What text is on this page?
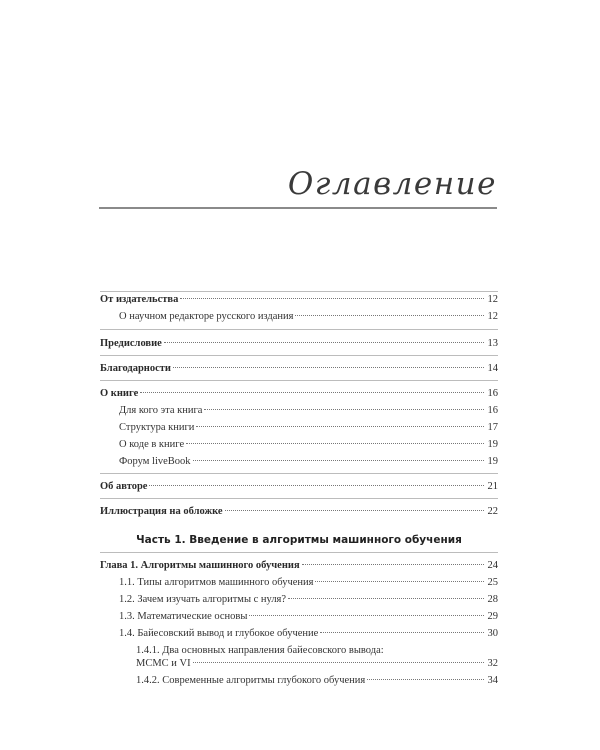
Оглавление
От издательства	12
О научном редакторе русского издания	12
Предисловие	13
Благодарности	14
О книге	16
Для кого эта книга	16
Структура книги	17
О коде в книге	19
Форум liveBook	19
Об авторе	21
Иллюстрация на обложке	22
Часть 1. Введение в алгоритмы машинного обучения
Глава 1. Алгоритмы машинного обучения	24
1.1. Типы алгоритмов машинного обучения	25
1.2. Зачем изучать алгоритмы с нуля?	28
1.3. Математические основы	29
1.4. Байесовский вывод и глубокое обучение	30
1.4.1. Два основных направления байесовского вывода:
MCMC и VI	32
1.4.2. Современные алгоритмы глубокого обучения	34
